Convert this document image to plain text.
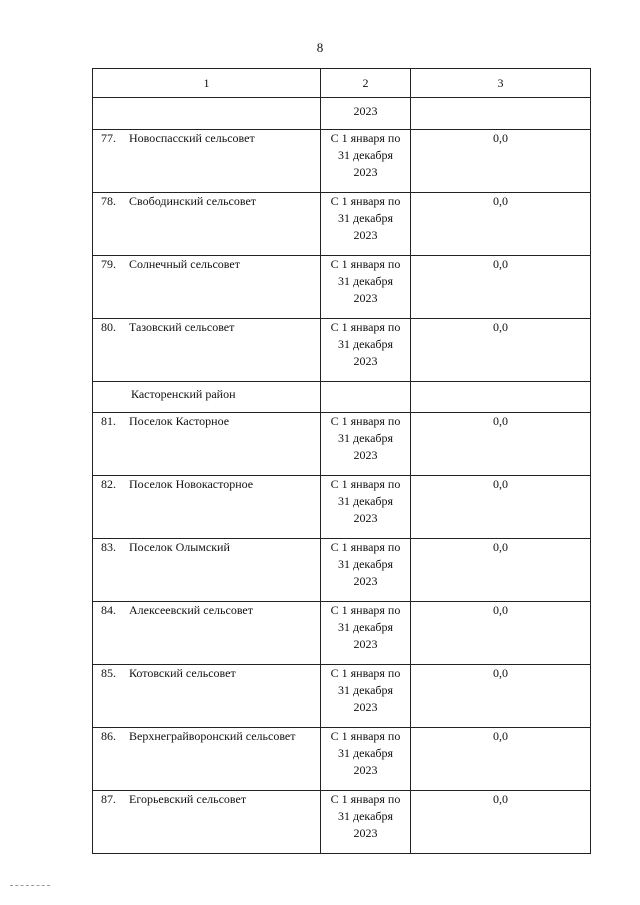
8
1	2	3
	2023	
77. Новоспасский сельсовет	С 1 января по
31 декабря
2023	0,0
78. Свободинский сельсовет	С 1 января по
31 декабря
2023	0,0
79. Солнечный сельсовет	С 1 января по
31 декабря
2023	0,0
80. Тазовский сельсовет	С 1 января по
31 декабря
2023	0,0
Касторенский район		
81. Поселок Касторное	С 1 января по
31 декабря
2023	0,0
82. Поселок Новокасторное	С 1 января по
31 декабря
2023	0,0
83. Поселок Олымский	С 1 января по
31 декабря
2023	0,0
84. Алексеевский сельсовет	С 1 января по
31 декабря
2023	0,0
85. Котовский сельсовет	С 1 января по
31 декабря
2023	0,0
86. Верхнеграйворонский сельсовет	С 1 января по
31 декабря
2023	0,0
87. Егорьевский сельсовет	С 1 января по
31 декабря
2023	0,0
